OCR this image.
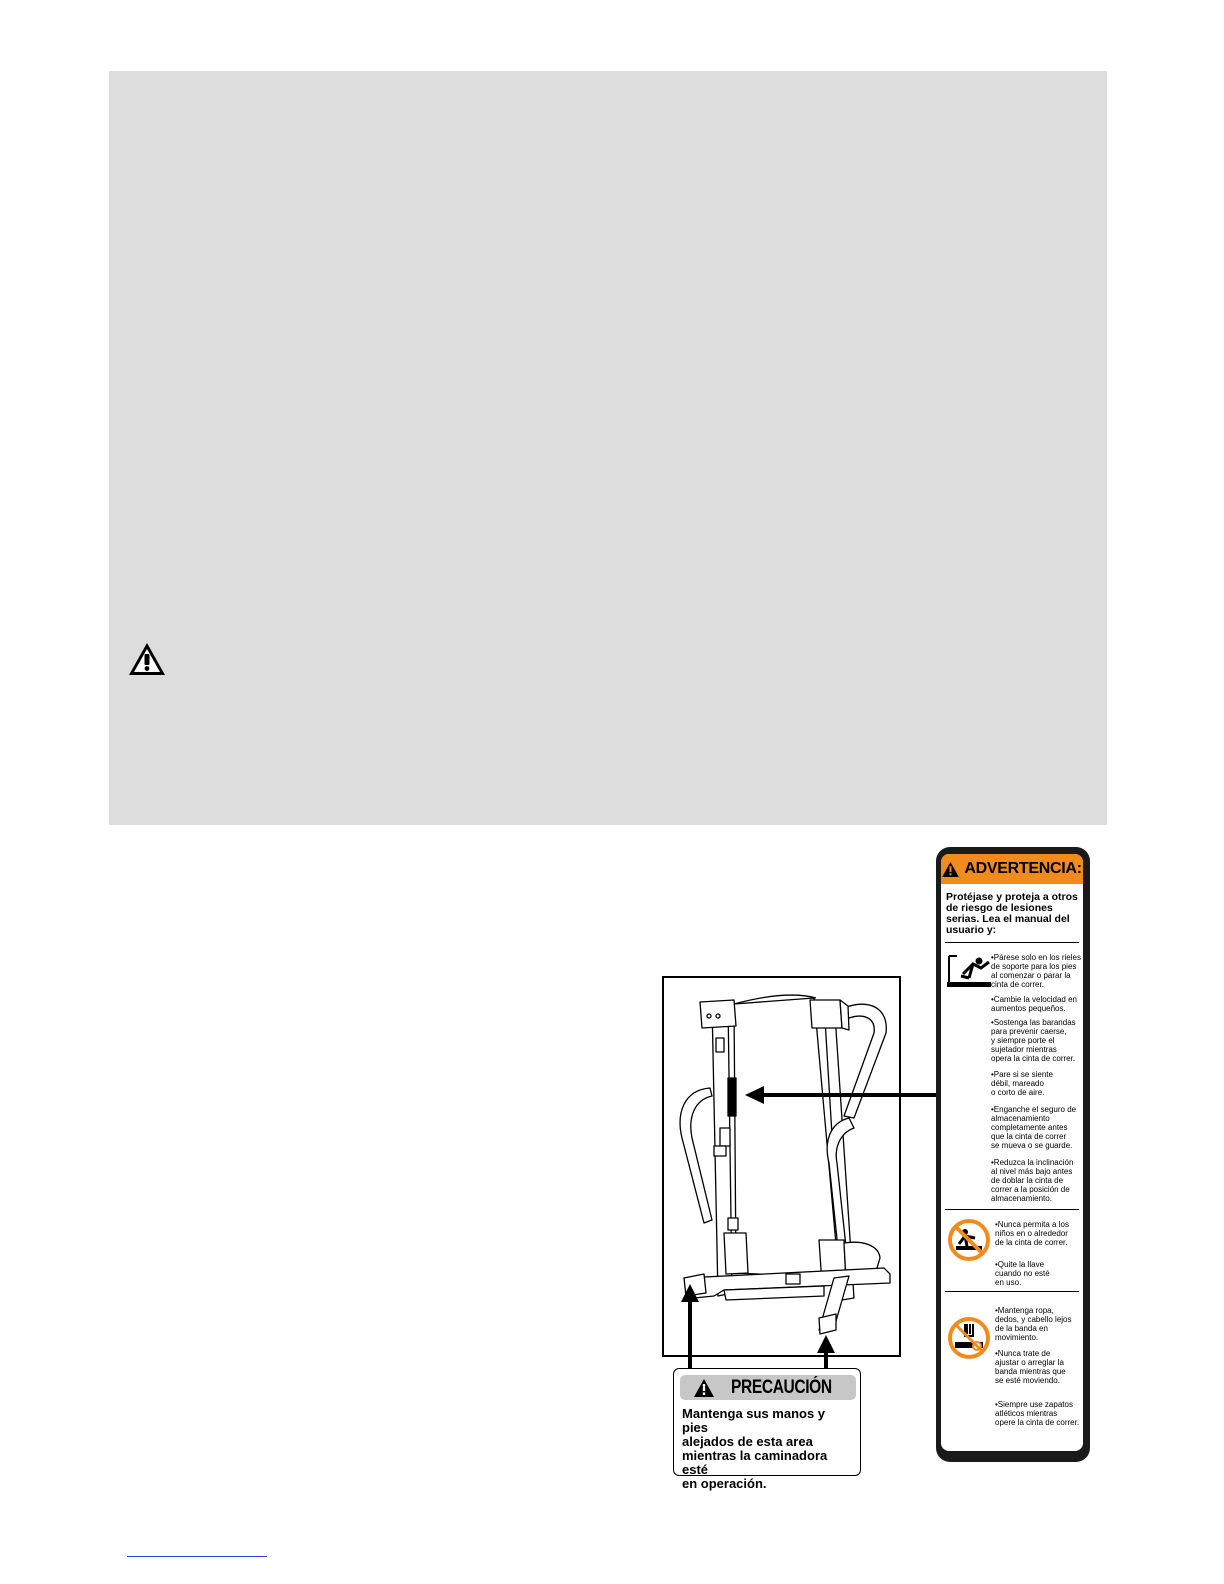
PRECAUCIÓN
Mantenga sus manos y pies
alejados de esta area
mientras la caminadora esté
en operación.
ADVERTENCIA:
Protéjase y proteja a otros
de riesgo de lesiones
serias. Lea el manual del
usuario y:
•Párese solo en los rieles
de soporte para los pies
al comenzar o parar la
cinta de correr.
•Cambie la velocidad en
aumentos pequeños.
•Sostenga las barandas
para prevenir caerse,
y siempre porte el
sujetador mientras
opera la cinta de correr.
•Pare si se siente
débil, mareado
o corto de aire.
•Enganche el seguro de
almacenamiento
completamente antes
que la cinta de correr
se mueva o se guarde.
•Reduzca la inclinación
al nivel más bajo antes
de doblar la cinta de
correr a la posición de
almacenamiento.
•Nunca permita a los
niños en o alrededor
de la cinta de correr.
•Quite la llave
cuando no esté
en uso.
•Mantenga ropa,
dedos, y cabello lejos
de la banda en
movimiento.
•Nunca trate de
ajustar o arreglar la
banda mientras que
se esté moviendo.
•Siempre use zapatos
atléticos mientras
opere la cinta de correr.
